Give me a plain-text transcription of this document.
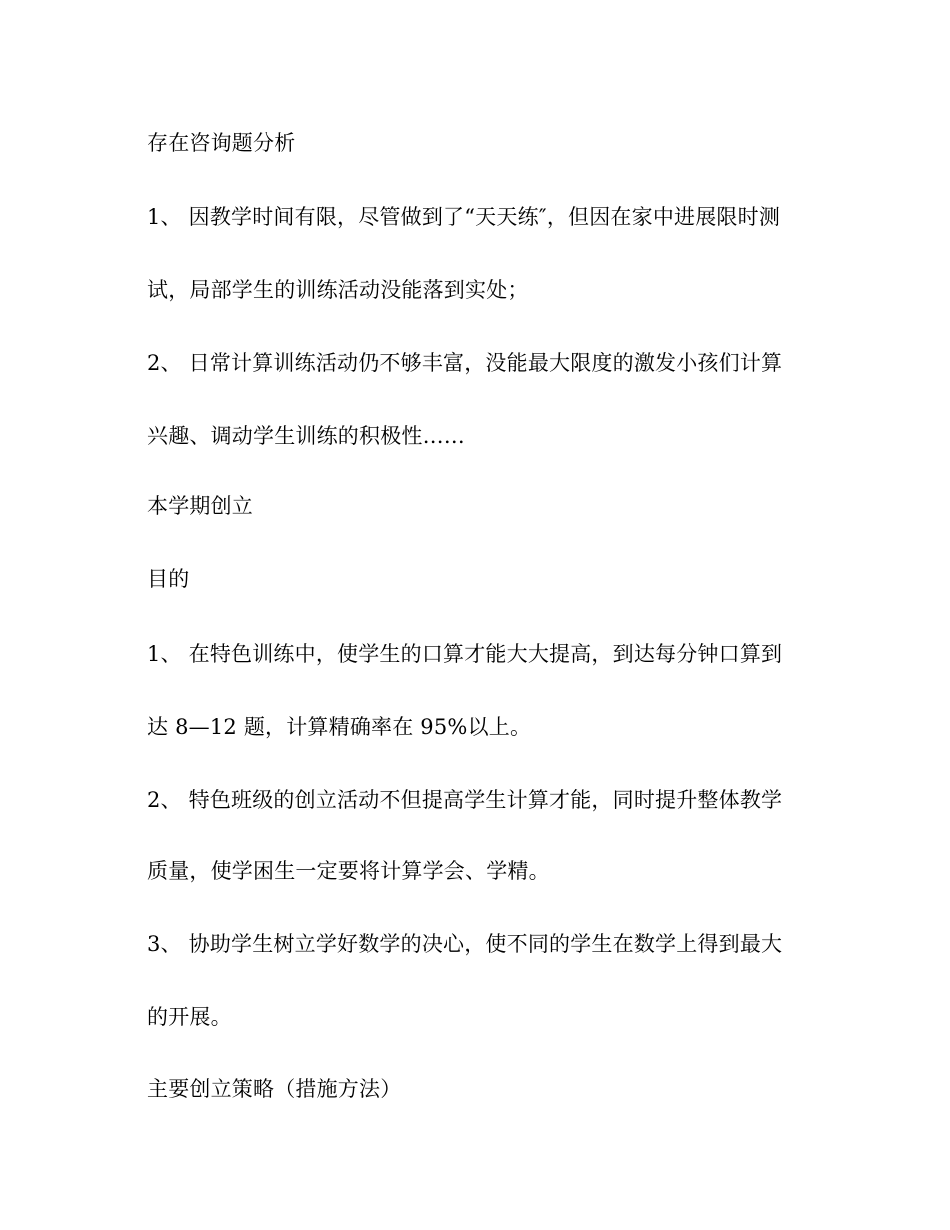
存在咨询题分析
1、 因教学时间有限，尽管做到了“天天练″，但因在家中进展限时测
试，局部学生的训练活动没能落到实处；
2、 日常计算训练活动仍不够丰富，没能最大限度的激发小孩们计算
兴趣、调动学生训练的积极性……
本学期创立
目的
1、 在特色训练中，使学生的口算才能大大提高，到达每分钟口算到
达 8—12 题，计算精确率在 95%以上。
2、 特色班级的创立活动不但提高学生计算才能，同时提升整体教学
质量，使学困生一定要将计算学会、学精。
3、 协助学生树立学好数学的决心，使不同的学生在数学上得到最大
的开展。
主要创立策略（措施方法）
